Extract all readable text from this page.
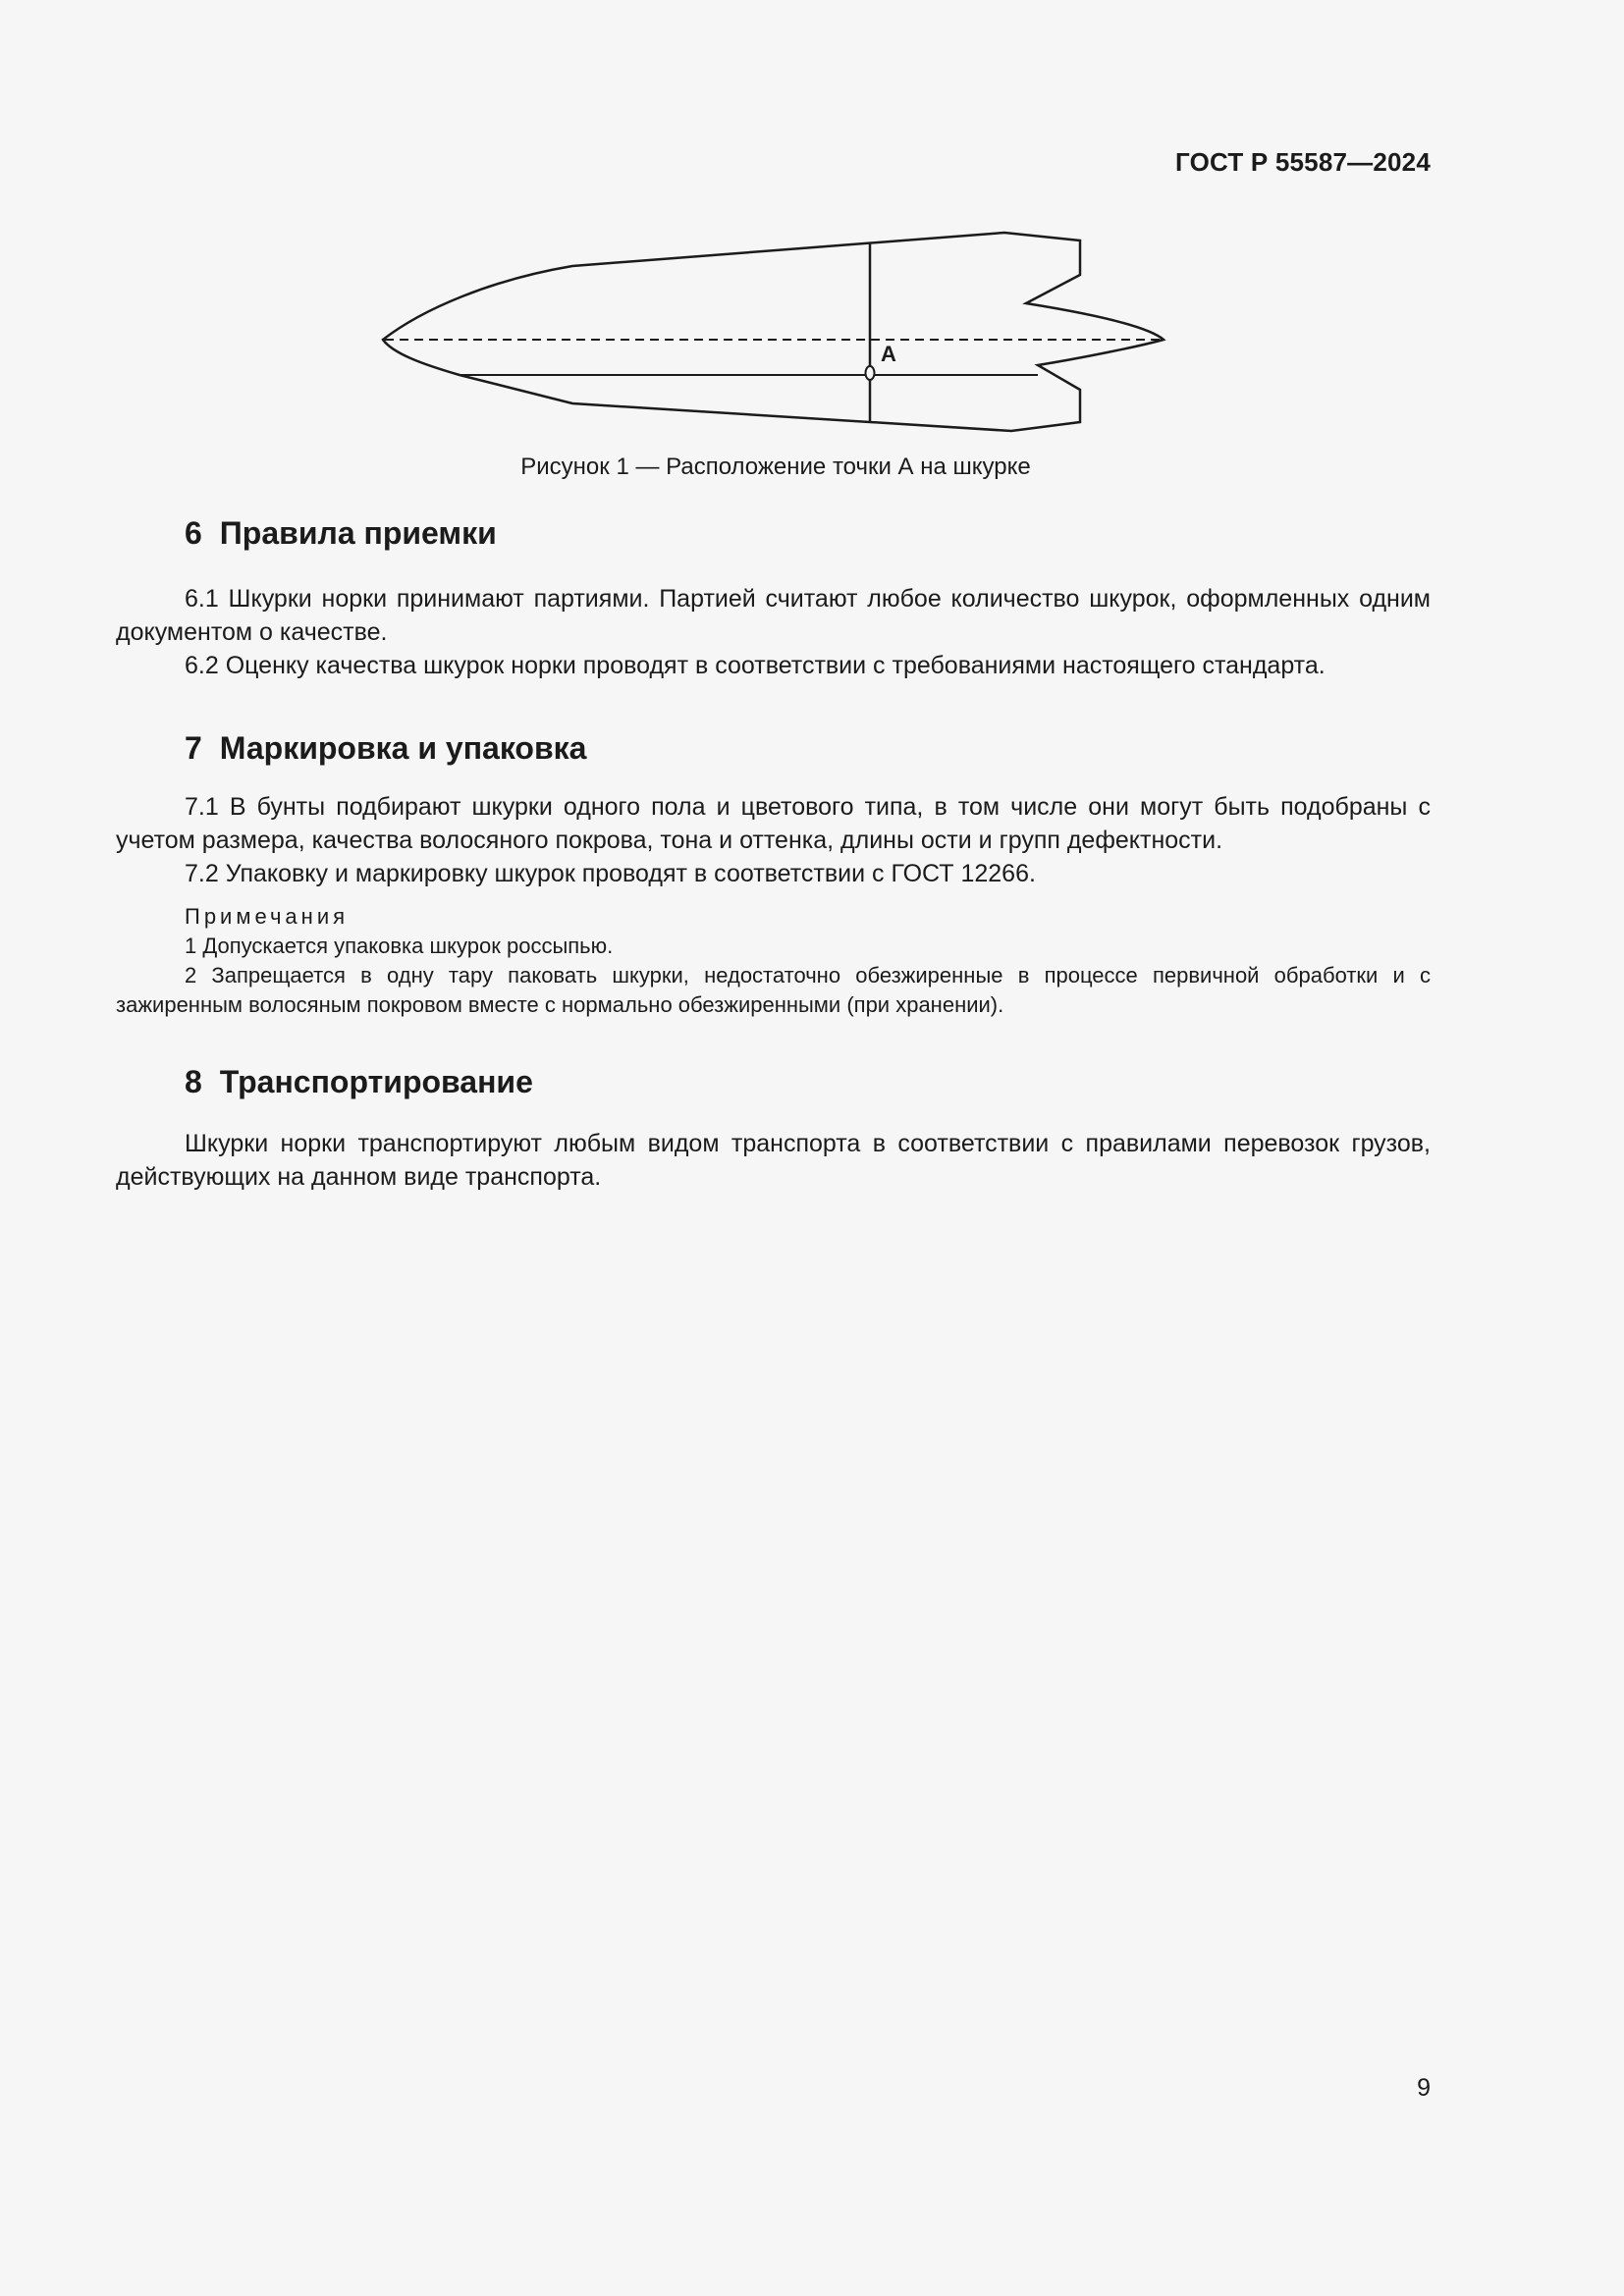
ГОСТ Р 55587—2024
А
Рисунок 1 — Расположение точки А на шкурке
6 Правила приемки

6.1 Шкурки норки принимают партиями. Партией считают любое количество шкурок, оформленных одним документом о качестве.

6.2 Оценку качества шкурок норки проводят в соответствии с требованиями настоящего стандарта.

7 Маркировка и упаковка

7.1 В бунты подбирают шкурки одного пола и цветового типа, в том числе они могут быть подобраны с учетом размера, качества волосяного покрова, тона и оттенка, длины ости и групп дефектности.

7.2 Упаковку и маркировку шкурок проводят в соответствии с ГОСТ 12266.

Примечания
1 Допускается упаковка шкурок россыпью.
2 Запрещается в одну тару паковать шкурки, недостаточно обезжиренные в процессе первичной обработки и с зажиренным волосяным покровом вместе с нормально обезжиренными (при хранении).
8 Транспортирование

Шкурки норки транспортируют любым видом транспорта в соответствии с правилами перевозок грузов, действующих на данном виде транспорта.

9
